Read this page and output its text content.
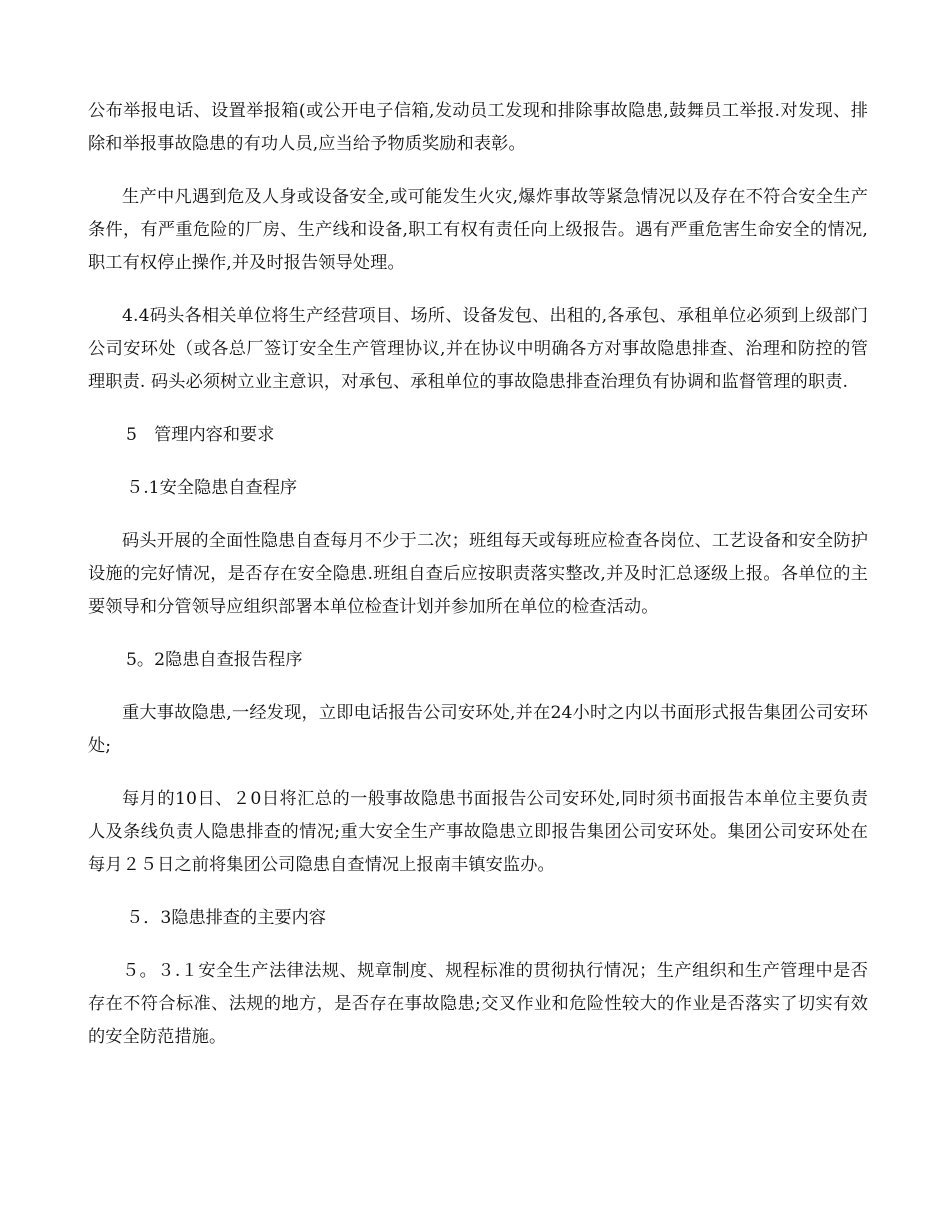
公布举报电话、设置举报箱(或公开电子信箱,发动员工发现和排除事故隐患,鼓舞员工举报.对发现、排除和举报事故隐患的有功人员,应当给予物质奖励和表彰。

生产中凡遇到危及人身或设备安全,或可能发生火灾,爆炸事故等紧急情况以及存在不符合安全生产条件，有严重危险的厂房、生产线和设备,职工有权有责任向上级报告。遇有严重危害生命安全的情况,职工有权停止操作,并及时报告领导处理。

4.4码头各相关单位将生产经营项目、场所、设备发包、出租的,各承包、承租单位必须到上级部门公司安环处（或各总厂签订安全生产管理协议,并在协议中明确各方对事故隐患排查、治理和防控的管理职责. 码头必须树立业主意识，对承包、承租单位的事故隐患排查治理负有协调和监督管理的职责.

5　管理内容和要求

５.1安全隐患自查程序

码头开展的全面性隐患自查每月不少于二次；班组每天或每班应检查各岗位、工艺设备和安全防护设施的完好情况，是否存在安全隐患.班组自查后应按职责落实整改,并及时汇总逐级上报。各单位的主要领导和分管领导应组织部署本单位检查计划并参加所在单位的检查活动。

5。2隐患自查报告程序

重大事故隐患,一经发现，立即电话报告公司安环处,并在24小时之内以书面形式报告集团公司安环处;

每月的10日、２0日将汇总的一般事故隐患书面报告公司安环处,同时须书面报告本单位主要负责人及条线负责人隐患排查的情况;重大安全生产事故隐患立即报告集团公司安环处。集团公司安环处在每月２５日之前将集团公司隐患自查情况上报南丰镇安监办。

５．3隐患排查的主要内容

５。３.１安全生产法律法规、规章制度、规程标准的贯彻执行情况；生产组织和生产管理中是否存在不符合标准、法规的地方，是否存在事故隐患;交叉作业和危险性较大的作业是否落实了切实有效的安全防范措施。
